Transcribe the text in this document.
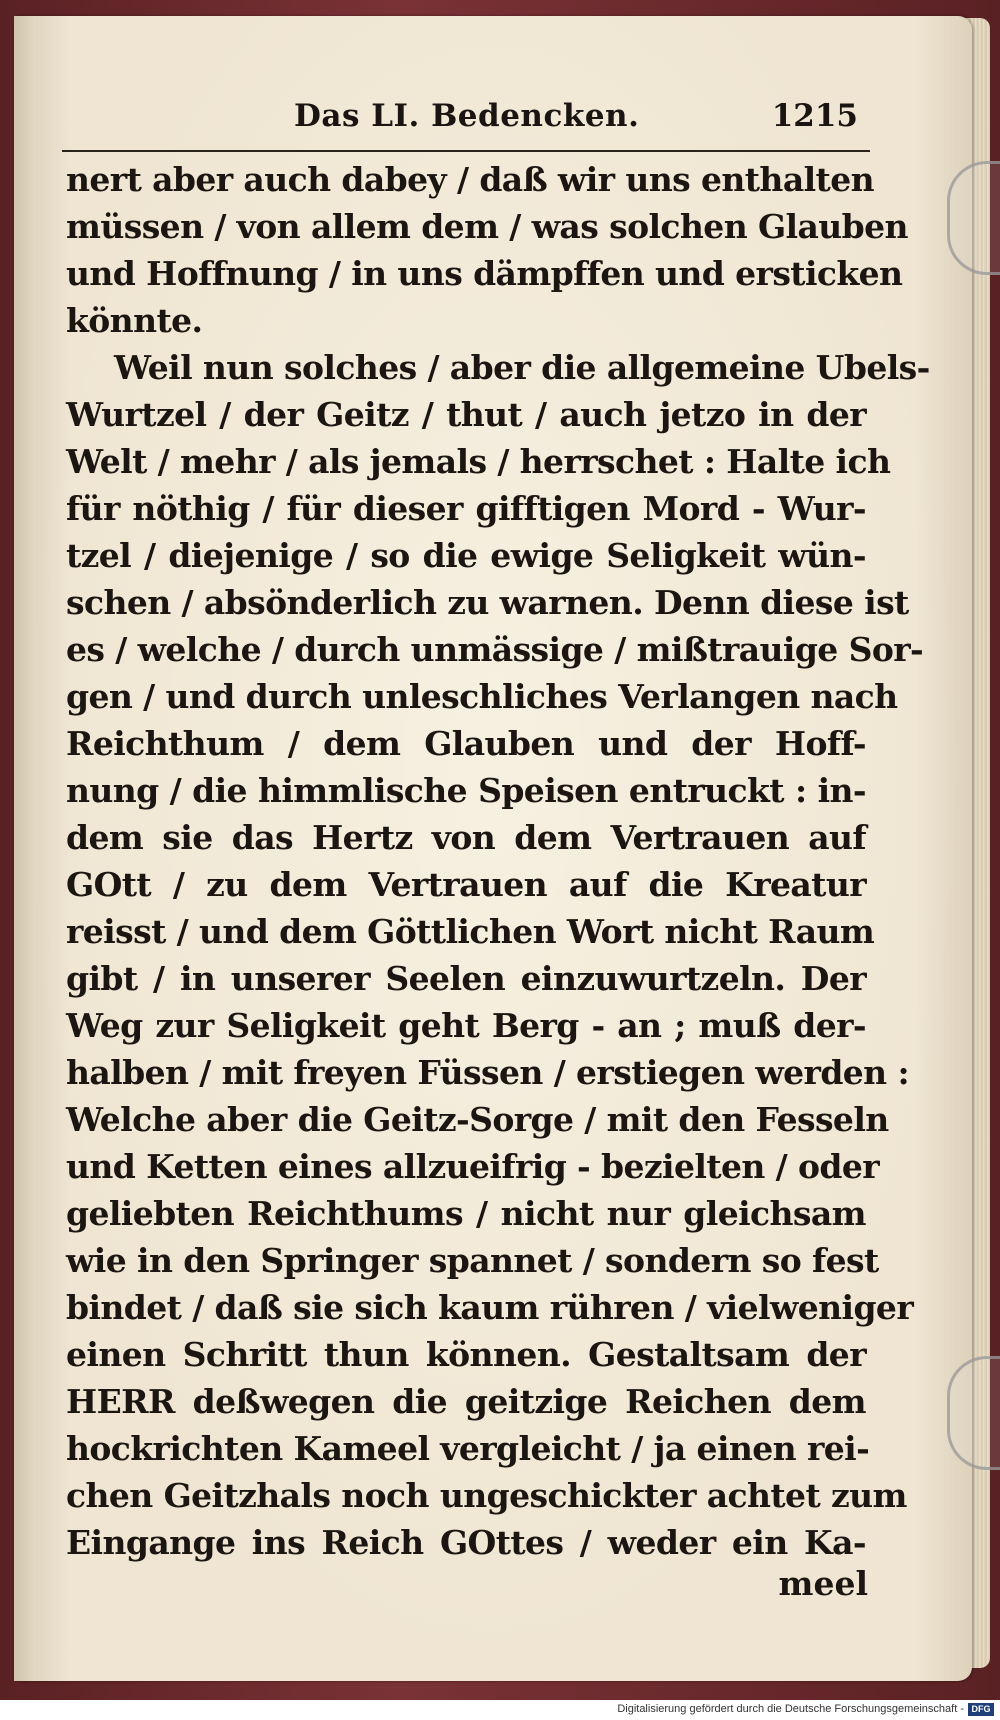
Das LI. Bedencken.	1215
nert aber auch dabey / daß wir uns enthalten
müssen / von allem dem / was solchen Glauben
und Hoffnung / in uns dämpffen und ersticken
könnte.
Weil nun solches / aber die allgemeine Ubels-
Wurtzel / der Geitz / thut / auch jetzo in der
Welt / mehr / als jemals / herrschet : Halte ich
für nöthig / für dieser gifftigen Mord - Wur-
tzel / diejenige / so die ewige Seligkeit wün-
schen / absönderlich zu warnen. Denn diese ist
es / welche / durch unmässige / mißtrauige Sor-
gen / und durch unleschliches Verlangen nach
Reichthum / dem Glauben und der Hoff-
nung / die himmlische Speisen entruckt : in-
dem sie das Hertz von dem Vertrauen auf
GOtt / zu dem Vertrauen auf die Kreatur
reisst / und dem Göttlichen Wort nicht Raum
gibt / in unserer Seelen einzuwurtzeln. Der
Weg zur Seligkeit geht Berg - an ; muß der-
halben / mit freyen Füssen / erstiegen werden :
Welche aber die Geitz-Sorge / mit den Fesseln
und Ketten eines allzueifrig - bezielten / oder
geliebten Reichthums / nicht nur gleichsam
wie in den Springer spannet / sondern so fest
bindet / daß sie sich kaum rühren / vielweniger
einen Schritt thun können. Gestaltsam der
HERR deßwegen die geitzige Reichen dem
hockrichten Kameel vergleicht / ja einen rei-
chen Geitzhals noch ungeschickter achtet zum
Eingange ins Reich GOttes / weder ein Ka-
meel
Digitalisierung gefördert durch die Deutsche Forschungsgemeinschaft - DFG
